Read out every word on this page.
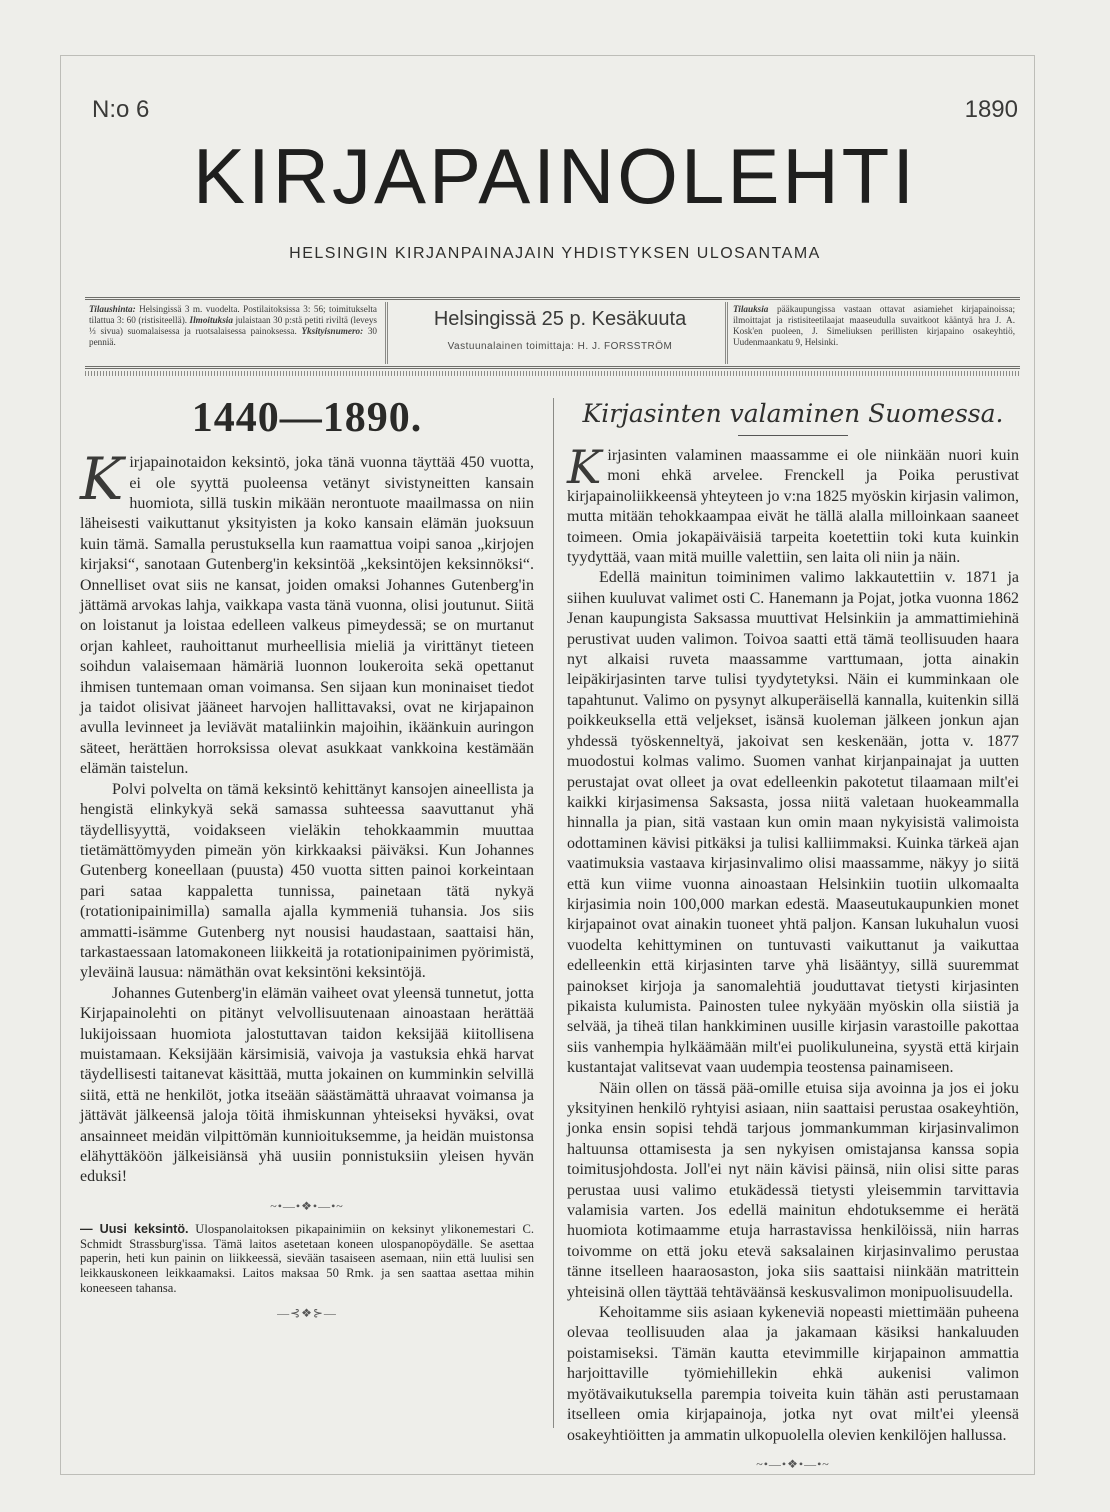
N:o 6	1890
KIRJAPAINOLEHTI
HELSINGIN KIRJANPAINAJAIN YHDISTYKSEN ULOSANTAMA
Tilaushinta: Helsingissä 3 m. vuodelta. Postilaitoksissa 3: 56; toimitukselta tilattua 3: 60 (ristisiteellä). Ilmoituksia julaistaan 30 p:stä petiti riviltä (leveys ⅓ sivua) suomalaisessa ja ruotsalaisessa painoksessa. Yksityisnumero: 30 penniä.
Helsingissä 25 p. Kesäkuuta
Vastuunalainen toimittaja: H. J. FORSSTRÖM
Tilauksia pääkaupungissa vastaan ottavat asiamiehet kirjapainoissa; ilmoittajat ja ristisiteetilaajat maaseudulla suvaitkoot kääntyä hra J. A. Kosk'en puoleen, J. Simeliuksen perillisten kirjapaino osakeyhtiö, Uudenmaankatu 9, Helsinki.
1440—1890.

Kirjapainotaidon keksintö, joka tänä vuonna täyttää 450 vuotta, ei ole syyttä puoleensa vetänyt sivistyneitten kansain huomiota, sillä tuskin mikään nerontuote maailmassa on niin läheisesti vaikuttanut yksityisten ja koko kansain elämän juoksuun kuin tämä. Samalla perustuksella kun raamattua voipi sanoa „kirjojen kirjaksi“, sanotaan Gutenberg'in keksintöä „keksintöjen keksinnöksi“. Onnelliset ovat siis ne kansat, joiden omaksi Johannes Gutenberg'in jättämä arvokas lahja, vaikkapa vasta tänä vuonna, olisi joutunut. Siitä on loistanut ja loistaa edelleen valkeus pimeydessä; se on murtanut orjan kahleet, rauhoittanut murheellisia mieliä ja virittänyt tieteen soihdun valaisemaan hämäriä luonnon loukeroita sekä opettanut ihmisen tuntemaan oman voimansa. Sen sijaan kun moninaiset tiedot ja taidot olisivat jääneet harvojen hallittavaksi, ovat ne kirjapainon avulla levinneet ja leviävät mataliinkin majoihin, ikäänkuin auringon säteet, herättäen horroksissa olevat asukkaat vankkoina kestämään elämän taistelun.

Polvi polvelta on tämä keksintö kehittänyt kansojen aineellista ja hengistä elinkykyä sekä samassa suhteessa saavuttanut yhä täydellisyyttä, voidakseen vieläkin tehokkaammin muuttaa tietämättömyyden pimeän yön kirkkaaksi päiväksi. Kun Johannes Gutenberg koneellaan (puusta) 450 vuotta sitten painoi korkeintaan pari sataa kappaletta tunnissa, painetaan tätä nykyä (rotationipainimilla) samalla ajalla kymmeniä tuhansia. Jos siis ammatti-isämme Gutenberg nyt nousisi haudastaan, saattaisi hän, tarkastaessaan latomakoneen liikkeitä ja rotationipainimen pyörimistä, yleväinä lausua: nämäthän ovat keksintöni keksintöjä.

Johannes Gutenberg'in elämän vaiheet ovat yleensä tunnetut, jotta Kirjapainolehti on pitänyt velvollisuutenaan ainoastaan herättää lukijoissaan huomiota jalostuttavan taidon keksijää kiitollisena muistamaan. Keksijään kärsimisiä, vaivoja ja vastuksia ehkä harvat täydellisesti taitanevat käsittää, mutta jokainen on kumminkin selvillä siitä, että ne henkilöt, jotka itseään säästämättä uhraavat voimansa ja jättävät jälkeensä jaloja töitä ihmiskunnan yhteiseksi hyväksi, ovat ansainneet meidän vilpittömän kunnioituksemme, ja heidän muistonsa elähyttäköön jälkeisiänsä yhä uusiin ponnistuksiin yleisen hyvän eduksi!

~•—•❖•—•~

— Uusi keksintö. Ulospanolaitoksen pikapainimiin on keksinyt ylikonemestari C. Schmidt Strassburg'issa. Tämä laitos asetetaan koneen ulospanopöydälle. Se asettaa paperin, heti kun painin on liikkeessä, sievään tasaiseen asemaan, niin että luulisi sen leikkauskoneen leikkaamaksi. Laitos maksaa 50 Rmk. ja sen saattaa asettaa mihin koneeseen tahansa.

—⊰❖⊱—
Kirjasinten valaminen Suomessa.

Kirjasinten valaminen maassamme ei ole niinkään nuori kuin moni ehkä arvelee. Frenckell ja Poika perustivat kirjapainoliikkeensä yhteyteen jo v:na 1825 myöskin kirjasin valimon, mutta mitään tehokkaampaa eivät he tällä alalla milloinkaan saaneet toimeen. Omia jokapäiväisiä tarpeita koetettiin toki kuta kuinkin tyydyttää, vaan mitä muille valettiin, sen laita oli niin ja näin.

Edellä mainitun toiminimen valimo lakkautettiin v. 1871 ja siihen kuuluvat valimet osti C. Hanemann ja Pojat, jotka vuonna 1862 Jenan kaupungista Saksassa muuttivat Helsinkiin ja ammattimiehinä perustivat uuden valimon. Toivoa saatti että tämä teollisuuden haara nyt alkaisi ruveta maassamme varttumaan, jotta ainakin leipäkirjasinten tarve tulisi tyydytetyksi. Näin ei kumminkaan ole tapahtunut. Valimo on pysynyt alkuperäisellä kannalla, kuitenkin sillä poikkeuksella että veljekset, isänsä kuoleman jälkeen jonkun ajan yhdessä työskenneltyä, jakoivat sen keskenään, jotta v. 1877 muodostui kolmas valimo. Suomen vanhat kirjanpainajat ja uutten perustajat ovat olleet ja ovat edelleenkin pakotetut tilaamaan milt'ei kaikki kirjasimensa Saksasta, jossa niitä valetaan huokeammalla hinnalla ja pian, sitä vastaan kun omin maan nykyisistä valimoista odottaminen kävisi pitkäksi ja tulisi kalliimmaksi. Kuinka tärkeä ajan vaatimuksia vastaava kirjasinvalimo olisi maassamme, näkyy jo siitä että kun viime vuonna ainoastaan Helsinkiin tuotiin ulkomaalta kirjasimia noin 100,000 markan edestä. Maaseutukaupunkien monet kirjapainot ovat ainakin tuoneet yhtä paljon. Kansan lukuhalun vuosi vuodelta kehittyminen on tuntuvasti vaikuttanut ja vaikuttaa edelleenkin että kirjasinten tarve yhä lisääntyy, sillä suuremmat painokset kirjoja ja sanomalehtiä jouduttavat tietysti kirjasinten pikaista kulumista. Painosten tulee nykyään myöskin olla siistiä ja selvää, ja tiheä tilan hankkiminen uusille kirjasin varastoille pakottaa siis vanhempia hylkäämään milt'ei puolikuluneina, syystä että kirjain kustantajat valitsevat vaan uudempia teostensa painamiseen.

Näin ollen on tässä pää-omille etuisa sija avoinna ja jos ei joku yksityinen henkilö ryhtyisi asiaan, niin saattaisi perustaa osakeyhtiön, jonka ensin sopisi tehdä tarjous jommankumman kirjasinvalimon haltuunsa ottamisesta ja sen nykyisen omistajansa kanssa sopia toimitusjohdosta. Joll'ei nyt näin kävisi päinsä, niin olisi sitte paras perustaa uusi valimo etukädessä tietysti yleisemmin tarvittavia valamisia varten. Jos edellä mainitun ehdotuksemme ei herätä huomiota kotimaamme etuja harrastavissa henkilöissä, niin harras toivomme on että joku etevä saksalainen kirjasinvalimo perustaa tänne itselleen haaraosaston, joka siis saattaisi niinkään matrittein yhteisinä ollen täyttää tehtäväänsä keskusvalimon monipuolisuudella.

Kehoitamme siis asiaan kykeneviä nopeasti miettimään puheena olevaa teollisuuden alaa ja jakamaan käsiksi hankaluuden poistamiseksi. Tämän kautta etevimmille kirjapainon ammattia harjoittaville työmiehillekin ehkä aukenisi valimon myötävaikutuksella parempia toiveita kuin tähän asti perustamaan itselleen omia kirjapainoja, jotka nyt ovat milt'ei yleensä osakeyhtiöitten ja ammatin ulkopuolella olevien kenkilöjen hallussa.

~•—•❖•—•~
